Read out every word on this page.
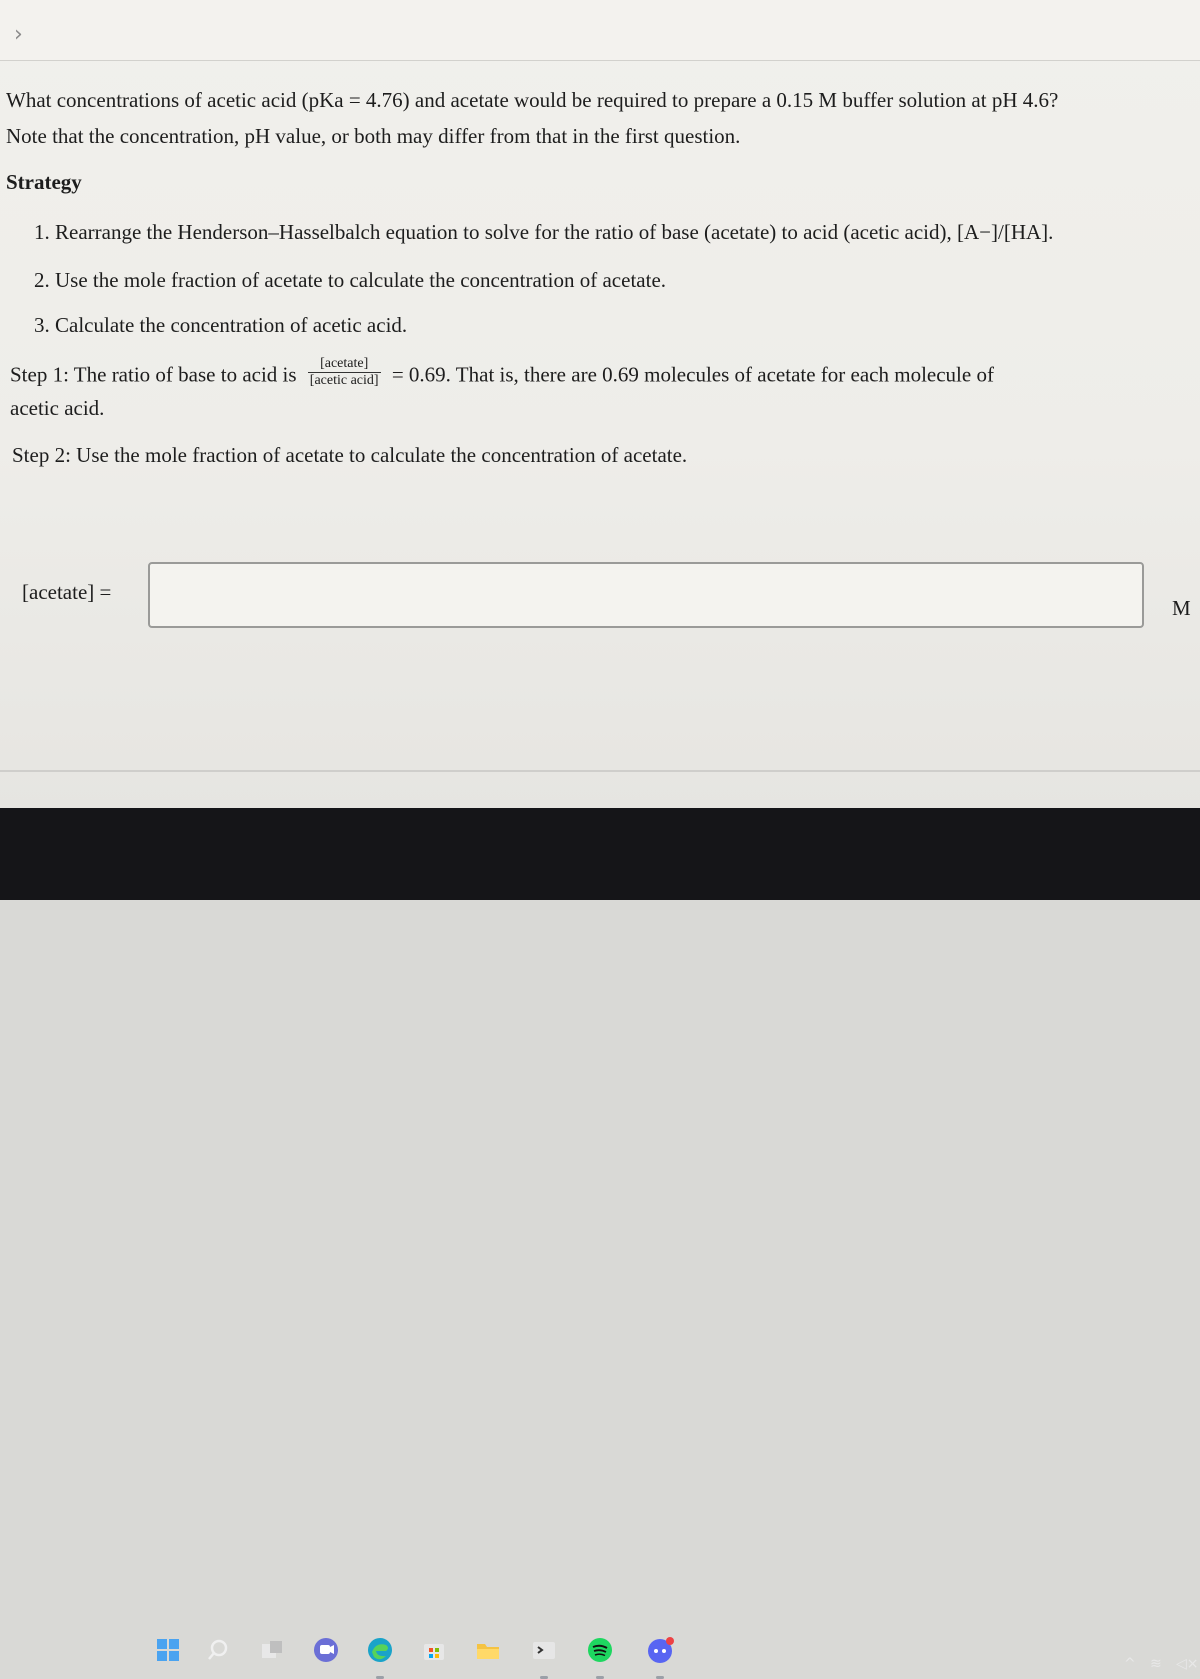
›
What concentrations of acetic acid (pKa = 4.76) and acetate would be required to prepare a 0.15 M buffer solution at pH 4.6?
Note that the concentration, pH value, or both may differ from that in the first question.
Strategy
1. Rearrange the Henderson–Hasselbalch equation to solve for the ratio of base (acetate) to acid (acetic acid), [A−]/[HA].
2. Use the mole fraction of acetate to calculate the concentration of acetate.
3. Calculate the concentration of acetic acid.
Step 1: The ratio of base to acid is $\frac{\text{[acetate]}}{\text{[acetic acid]}} = 0.69$. That is, there are 0.69 molecules of acetate for each molecule of
acetic acid.
Step 2: Use the mole fraction of acetate to calculate the concentration of acetate.
[acetate] =
M
^ ≋ ◁×
